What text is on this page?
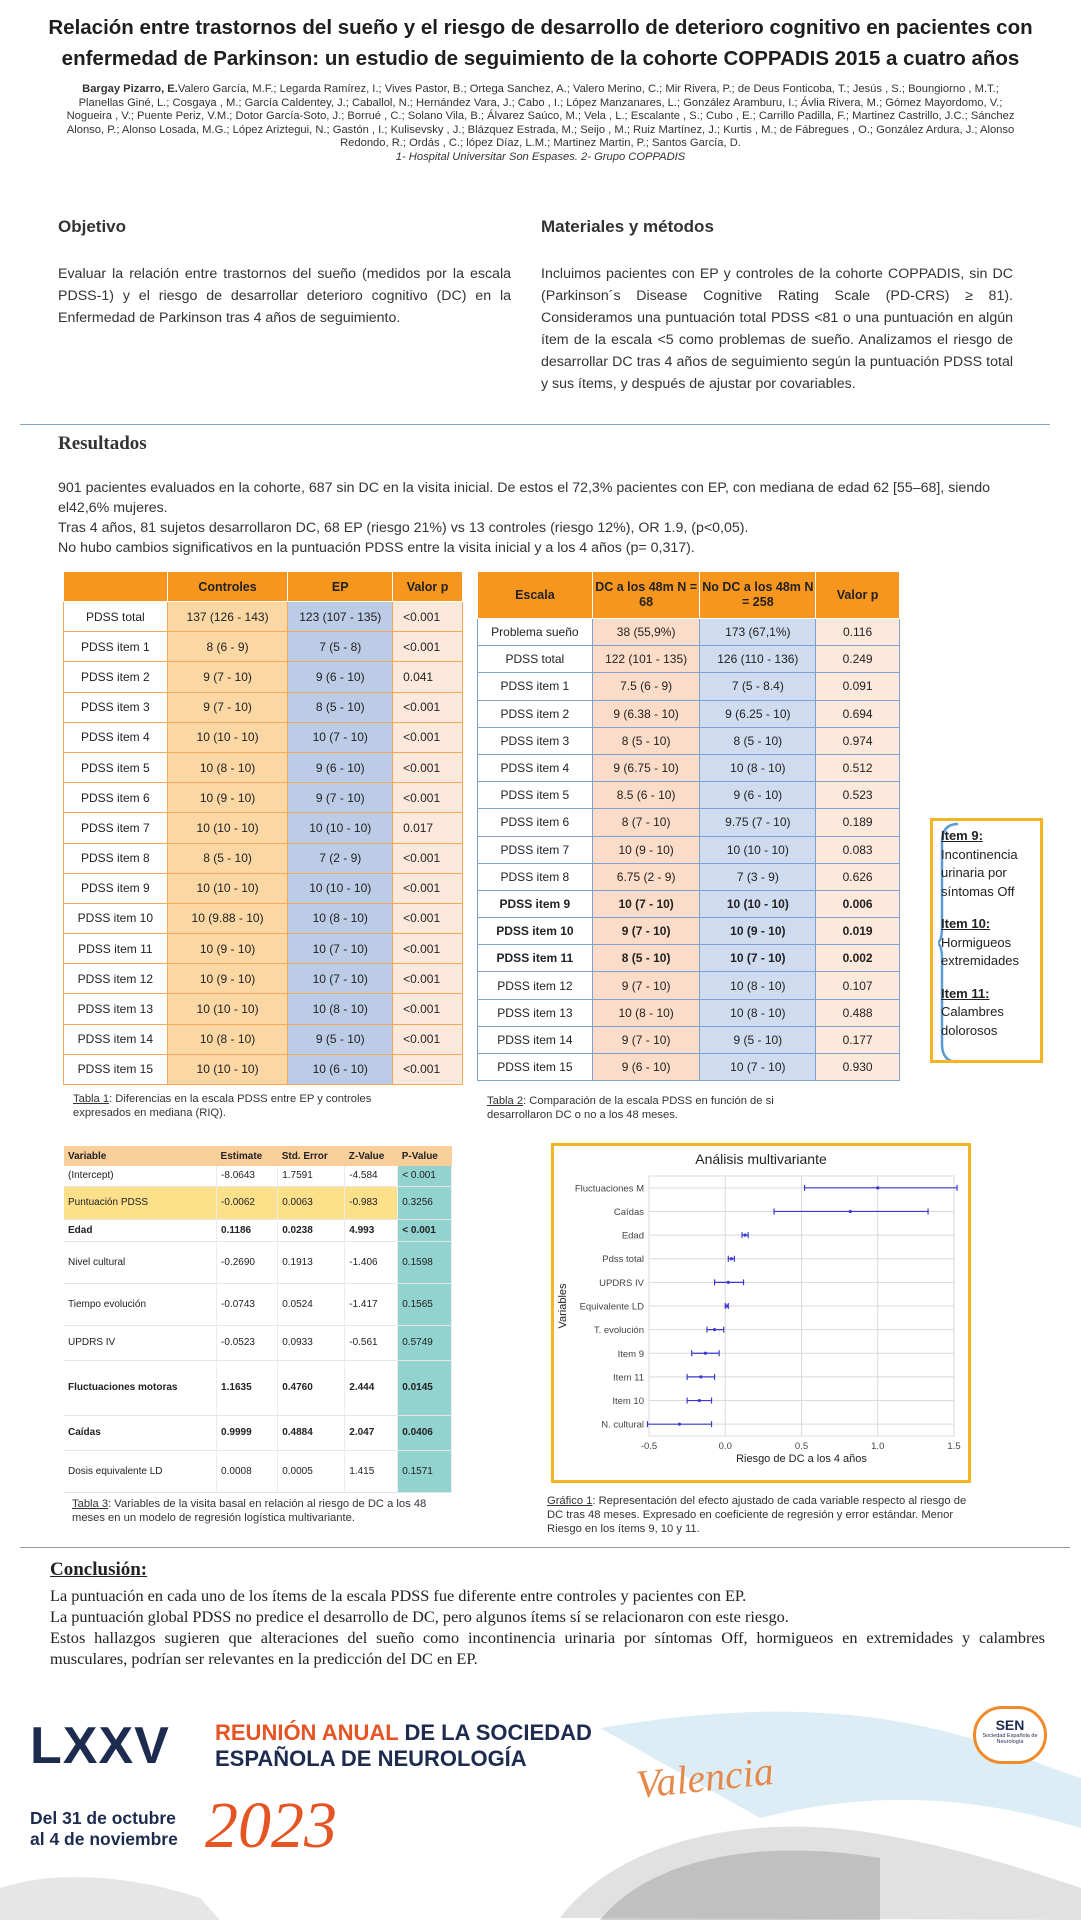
Relación entre trastornos del sueño y el riesgo de desarrollo de deterioro cognitivo en pacientes con
enfermedad de Parkinson: un estudio de seguimiento de la cohorte COPPADIS 2015 a cuatro años
Bargay Pizarro, E.Valero García, M.F.; Legarda Ramírez, I.; Vives Pastor, B.; Ortega Sanchez, A.; Valero Merino, C.; Mir Rivera, P.; de Deus Fonticoba, T.; Jesús , S.; Boungiorno , M.T.; Planellas Giné, L.; Cosgaya , M.; García Caldentey, J.; Caballol, N.; Hernández Vara, J.; Cabo , I.; López Manzanares, L.; González Aramburu, I.; Ávlia Rivera, M.; Gómez Mayordomo, V.; Nogueira , V.; Puente Periz, V.M.; Dotor García-Soto, J.; Borrué , C.; Solano Vila, B.; Álvarez Saúco, M.; Vela , L.; Escalante , S.; Cubo , E.; Carrillo Padilla, F.; Martinez Castrillo, J.C.; Sánchez Alonso, P.; Alonso Losada, M.G.; López Ariztegui, N.; Gastón , I.; Kulisevsky , J.; Blázquez Estrada, M.; Seijo , M.; Ruiz Martínez, J.; Kurtis , M.; de Fábregues , O.; González Ardura, J.; Alonso Redondo, R.; Ordás , C.; lópez Díaz, L.M.; Martinez Martin, P.; Santos García, D.
1- Hospital Universitar Son Espases. 2- Grupo COPPADIS
Objetivo
Evaluar la relación entre trastornos del sueño (medidos por la escala PDSS-1) y el riesgo de desarrollar deterioro cognitivo (DC) en la Enfermedad de Parkinson tras 4 años de seguimiento.
Materiales y métodos
Incluimos pacientes con EP y controles de la cohorte COPPADIS, sin DC (Parkinson´s Disease Cognitive Rating Scale (PD-CRS) ≥ 81). Consideramos una puntuación total PDSS <81 o una puntuación en algún ítem de la escala <5 como problemas de sueño. Analizamos el riesgo de desarrollar DC tras 4 años de seguimiento según la puntuación PDSS total y sus ítems, y después de ajustar por covariables.
Resultados
901 pacientes evaluados en la cohorte, 687 sin DC en la visita inicial. De estos el 72,3% pacientes con EP, con mediana de edad 62 [55–68], siendo el42,6% mujeres.
Tras 4 años, 81 sujetos desarrollaron DC, 68 EP (riesgo 21%) vs 13 controles (riesgo 12%), OR 1.9, (p<0,05).
No hubo cambios significativos en la puntuación PDSS entre la visita inicial y a los 4 años (p= 0,317).
	Controles	EP	Valor p
PDSS total	137 (126 - 143)	123 (107 - 135)	<0.001
PDSS item 1	8 (6 - 9)	7 (5 - 8)	<0.001
PDSS item 2	9 (7 - 10)	9 (6 - 10)	0.041
PDSS item 3	9 (7 - 10)	8 (5 - 10)	<0.001
PDSS item 4	10 (10 - 10)	10 (7 - 10)	<0.001
PDSS item 5	10 (8 - 10)	9 (6 - 10)	<0.001
PDSS item 6	10 (9 - 10)	9 (7 - 10)	<0.001
PDSS item 7	10 (10 - 10)	10 (10 - 10)	0.017
PDSS item 8	8 (5 - 10)	7 (2 - 9)	<0.001
PDSS item 9	10 (10 - 10)	10 (10 - 10)	<0.001
PDSS item 10	10 (9.88 - 10)	10 (8 - 10)	<0.001
PDSS item 11	10 (9 - 10)	10 (7 - 10)	<0.001
PDSS item 12	10 (9 - 10)	10 (7 - 10)	<0.001
PDSS item 13	10 (10 - 10)	10 (8 - 10)	<0.001
PDSS item 14	10 (8 - 10)	9 (5 - 10)	<0.001
PDSS item 15	10 (10 - 10)	10 (6 - 10)	<0.001
Tabla 1: Diferencias en la escala PDSS entre EP y controles expresados en mediana (RIQ).
Escala	DC a los 48m N = 68	No DC a los 48m N = 258	Valor p
Problema sueño	38 (55,9%)	173 (67,1%)	0.116
PDSS total	122 (101 - 135)	126 (110 - 136)	0.249
PDSS item 1	7.5 (6 - 9)	7 (5 - 8.4)	0.091
PDSS item 2	9 (6.38 - 10)	9 (6.25 - 10)	0.694
PDSS item 3	8 (5 - 10)	8 (5 - 10)	0.974
PDSS item 4	9 (6.75 - 10)	10 (8 - 10)	0.512
PDSS item 5	8.5 (6 - 10)	9 (6 - 10)	0.523
PDSS item 6	8 (7 - 10)	9.75 (7 - 10)	0.189
PDSS item 7	10 (9 - 10)	10 (10 - 10)	0.083
PDSS item 8	6.75 (2 - 9)	7 (3 - 9)	0.626
PDSS item 9	10 (7 - 10)	10 (10 - 10)	0.006
PDSS item 10	9 (7 - 10)	10 (9 - 10)	0.019
PDSS item 11	8 (5 - 10)	10 (7 - 10)	0.002
PDSS item 12	9 (7 - 10)	10 (8 - 10)	0.107
PDSS item 13	10 (8 - 10)	10 (8 - 10)	0.488
PDSS item 14	9 (7 - 10)	9 (5 - 10)	0.177
PDSS item 15	9 (6 - 10)	10 (7 - 10)	0.930
Tabla 2: Comparación de la escala PDSS en función de si desarrollaron DC o no a los 48 meses.

Item 9:
Incontinencia urinaria por síntomas Off

Item 10:
Hormigueos extremidades

Item 11:
Calambres dolorosos

Variable	Estimate	Std. Error	Z-Value	P-Value
(Intercept)	-8.0643	1.7591	-4.584	< 0.001
Puntuación PDSS	-0.0062	0.0063	-0.983	0.3256
Edad	0.1186	0.0238	4.993	< 0.001
Nivel cultural	-0.2690	0.1913	-1.406	0.1598
Tiempo evolución	-0.0743	0.0524	-1.417	0.1565
UPDRS IV	-0.0523	0.0933	-0.561	0.5749
Fluctuaciones motoras	1.1635	0.4760	2.444	0.0145
Caídas	0.9999	0.4884	2.047	0.0406
Dosis equivalente LD	0.0008	0.0005	1.415	0.1571
Tabla 3: Variables de la visita basal en relación al riesgo de DC a los 48 meses en un modelo de regresión logística multivariante.
Análisis multivariante
-0.5	0.0	0.5	1.0	1.5
Riesgo de DC a los 4 años
Variables
Fluctuaciones M
Caídas
Edad
Pdss total
UPDRS IV
Equivalente LD
T. evolución
Item 9
Item 11
Item 10
N. cultural
Gráfico 1: Representación del efecto ajustado de cada variable respecto al riesgo de DC tras 48 meses. Expresado en coeficiente de regresión y error estándar. Menor Riesgo en los ítems 9, 10 y 11.
Conclusión:
La puntuación en cada uno de los ítems de la escala PDSS fue diferente entre controles y pacientes con EP.
La puntuación global PDSS no predice el desarrollo de DC, pero algunos ítems sí se relacionaron con este riesgo.
Estos hallazgos sugieren que alteraciones del sueño como incontinencia urinaria por síntomas Off, hormigueos en extremidades y calambres musculares, podrían ser relevantes en la predicción del DC en EP.
LXXV REUNIÓN ANUAL DE LA SOCIEDAD
ESPAÑOLA DE NEUROLOGÍA
Del 31 de octubre
al 4 de noviembre 2023
Valencia
SEN
Sociedad Española de Neurología
